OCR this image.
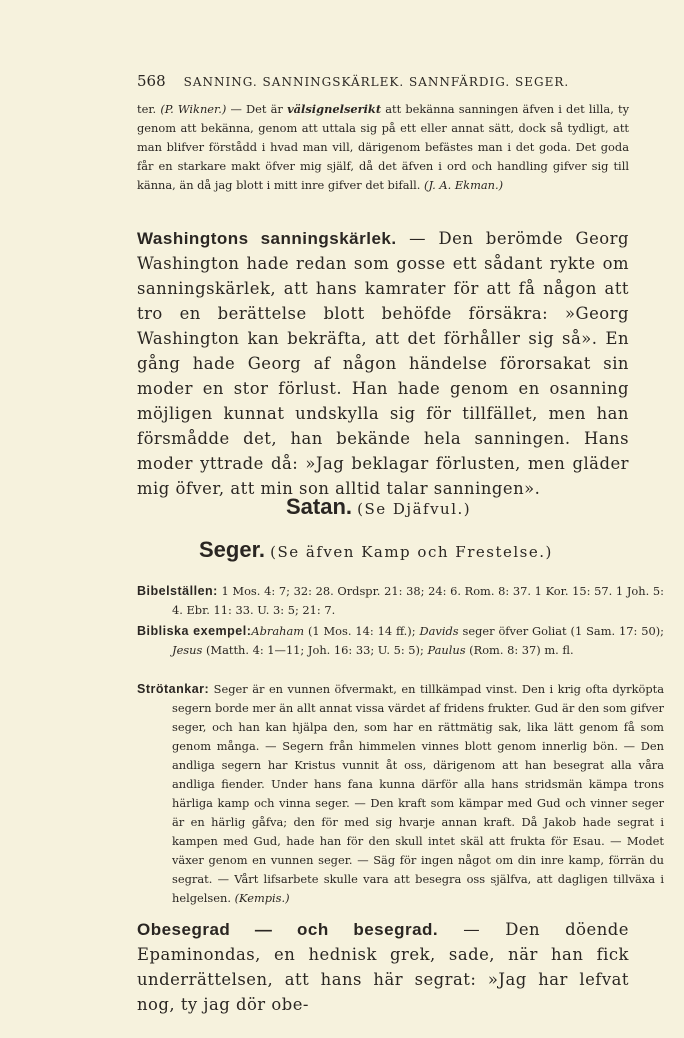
568 SANNING. SANNINGSKÄRLEK. SANNFÄRDIG. SEGER.
ter. (P. Wikner.) — Det är välsignelserikt att bekänna sanningen äfven i det lilla, ty genom att bekänna, genom att uttala sig på ett eller annat sätt, dock så tydligt, att man blifver förstådd i hvad man vill, därigenom befästes man i det goda. Det goda får en starkare makt öfver mig själf, då det äfven i ord och handling gifver sig till känna, än då jag blott i mitt inre gifver det bifall. (J. A. Ekman.)
Washingtons sanningskärlek. — Den berömde Georg Washington hade redan som gosse ett sådant rykte om sanningskärlek, att hans kamrater för att få någon att tro en berättelse blott behöfde försäkra: »Georg Washington kan bekräfta, att det förhåller sig så». En gång hade Georg af någon händelse förorsakat sin moder en stor förlust. Han hade genom en osanning möjligen kunnat undskylla sig för tillfället, men han försmådde det, han bekände hela sanningen. Hans moder yttrade då: »Jag beklagar förlusten, men gläder mig öfver, att min son alltid talar sanningen».
Satan. (Se Djäfvul.)
Seger. (Se äfven Kamp och Frestelse.)
Bibelställen: 1 Mos. 4: 7; 32: 28. Ordspr. 21: 38; 24: 6. Rom. 8: 37. 1 Kor. 15: 57. 1 Joh. 5: 4. Ebr. 11: 33. U. 3: 5; 21: 7.
Bibliska exempel:Abraham (1 Mos. 14: 14 ff.); Davids seger öfver Goliat (1 Sam. 17: 50); Jesus (Matth. 4: 1—11; Joh. 16: 33; U. 5: 5); Paulus (Rom. 8: 37) m. fl.
Strötankar: Seger är en vunnen öfvermakt, en tillkämpad vinst. Den i krig ofta dyrköpta segern borde mer än allt annat vissa värdet af fridens frukter. Gud är den som gifver seger, och han kan hjälpa den, som har en rättmätig sak, lika lätt genom få som genom många. — Segern från himmelen vinnes blott genom innerlig bön. — Den andliga segern har Kristus vunnit åt oss, därigenom att han besegrat alla våra andliga fiender. Under hans fana kunna därför alla hans stridsmän kämpa trons härliga kamp och vinna seger. — Den kraft som kämpar med Gud och vinner seger är en härlig gåfva; den för med sig hvarje annan kraft. Då Jakob hade segrat i kampen med Gud, hade han för den skull intet skäl att frukta för Esau. — Modet växer genom en vunnen seger. — Säg för ingen något om din inre kamp, förrän du segrat. — Vårt lifsarbete skulle vara att besegra oss själfva, att dagligen tillväxa i helgelsen. (Kempis.)
Obesegrad — och besegrad. — Den döende Epaminondas, en hednisk grek, sade, när han fick underrättelsen, att hans här segrat: »Jag har lefvat nog, ty jag dör obe-
